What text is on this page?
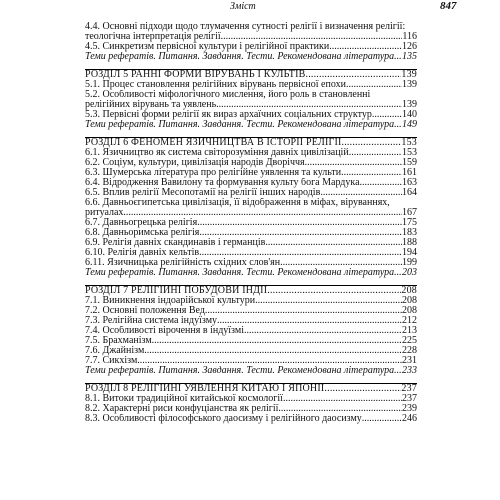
Зміст	847
4.4. Основні підходи щодо тлумачення сутності релігії і визначення релігії:
теологічна інтерпретація релігії .....	116
4.5. Синкретизм первісної культури і релігійної практики .....	126
Теми рефератів. Питання. Завдання. Тести. Рекомендована література ..... 135
РОЗДІЛ 5 РАННІ ФОРМИ ВІРУВАНЬ І КУЛЬТІВ .....	139
5.1. Процес становлення релігійних вірувань первісної епохи .....	139
5.2. Особливості міфологічного мислення, його роль в становленні
релігійних вірувань та уявлень .....	139
5.3. Первісні форми релігії як вираз архаїчних соціальних структур .....	140
Теми рефератів. Питання. Завдання. Тести. Рекомендована література ..... 149
РОЗДІЛ 6 ФЕНОМЕН ЯЗИЧНИЦТВА В ІСТОРІЇ РЕЛІГІЇ .....	153
6.1. Язичництво як система світорозуміння давніх цивілізацій .....	153
6.2. Соціум, культури, цивілізація народів Дворіччя .....	159
6.3. Шумерська література про релігійне уявлення та культи .....	161
6.4. Відродження Вавилону та формування культу бога Мардука .....	163
6.5. Вплив релігії Месопотамії на релігії інших народів .....	164
6.6. Давньоєгипетська цивілізація, її відображення в міфах, віруваннях,
ритуалах .....	167
6.7. Давньогрецька релігія .....	175
6.8. Давньоримська релігія .....	183
6.9. Релігія давніх скандинавів і германців .....	188
6.10. Релігія давніх кельтів .....	194
6.11. Язичницька релігійність східних слов'ян .....	199
Теми рефератів. Питання. Завдання. Тести. Рекомендована література ..... 203
РОЗДІЛ 7 РЕЛІГІЙНІ ПОБУДОВИ ІНДІЇ .....	208
7.1. Виникнення індоарійської культури .....	208
7.2. Основні положення Вед .....	208
7.3. Релігійна система індуїзму .....	212
7.4. Особливості вірочення в індуїзмі .....	213
7.5. Брахманізм .....	225
7.6. Джайнізм .....	228
7.7. Сикхізм .....	231
Теми рефератів. Питання. Завдання. Тести. Рекомендована література ..... 233
РОЗДІЛ 8 РЕЛІГІЙНІ УЯВЛЕННЯ КИТАЮ І ЯПОНІЇ .....	237
8.1. Витоки традиційної китайської космології .....	237
8.2. Характерні риси конфуціанства як релігії .....	239
8.3. Особливості філософського даосизму і релігійного даосизму .....	246
